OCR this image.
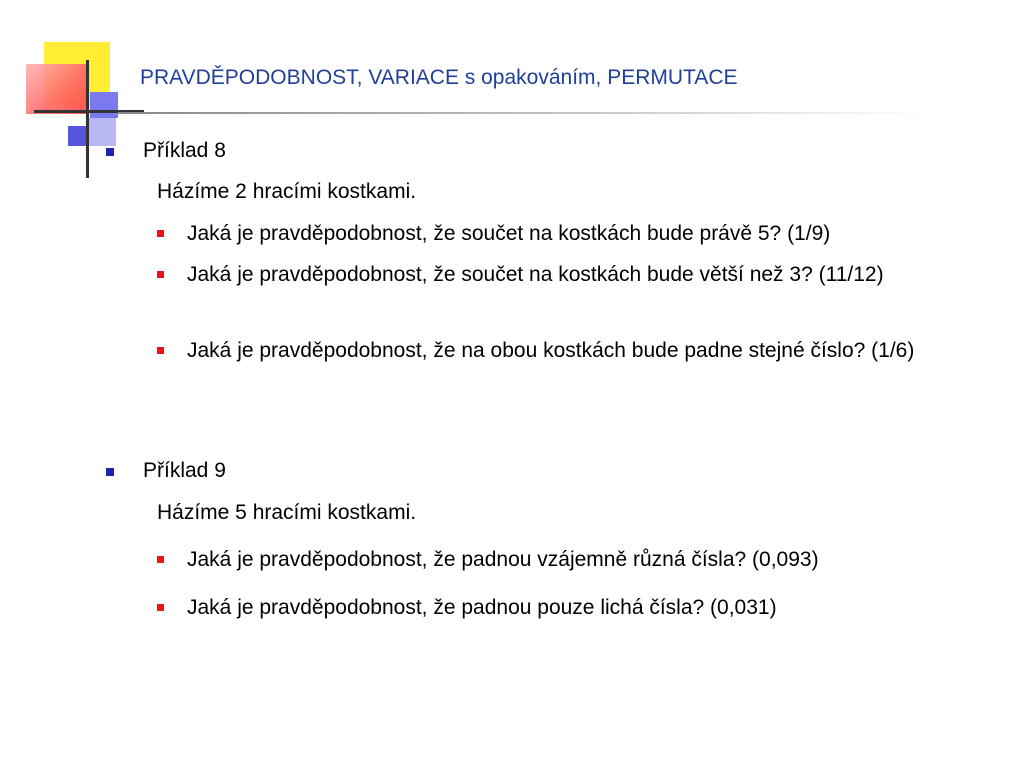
PRAVDĚPODOBNOST, VARIACE s opakováním, PERMUTACE
Příklad 8
Házíme 2 hracími kostkami.
Jaká je pravděpodobnost, že součet na kostkách bude právě 5? (1/9)
Jaká je pravděpodobnost, že součet na kostkách bude větší než 3? (11/12)
Jaká je pravděpodobnost, že na obou kostkách bude padne stejné číslo? (1/6)
Příklad 9
Házíme 5 hracími kostkami.
Jaká je pravděpodobnost, že padnou vzájemně různá čísla? (0,093)
Jaká je pravděpodobnost, že padnou pouze lichá čísla? (0,031)
